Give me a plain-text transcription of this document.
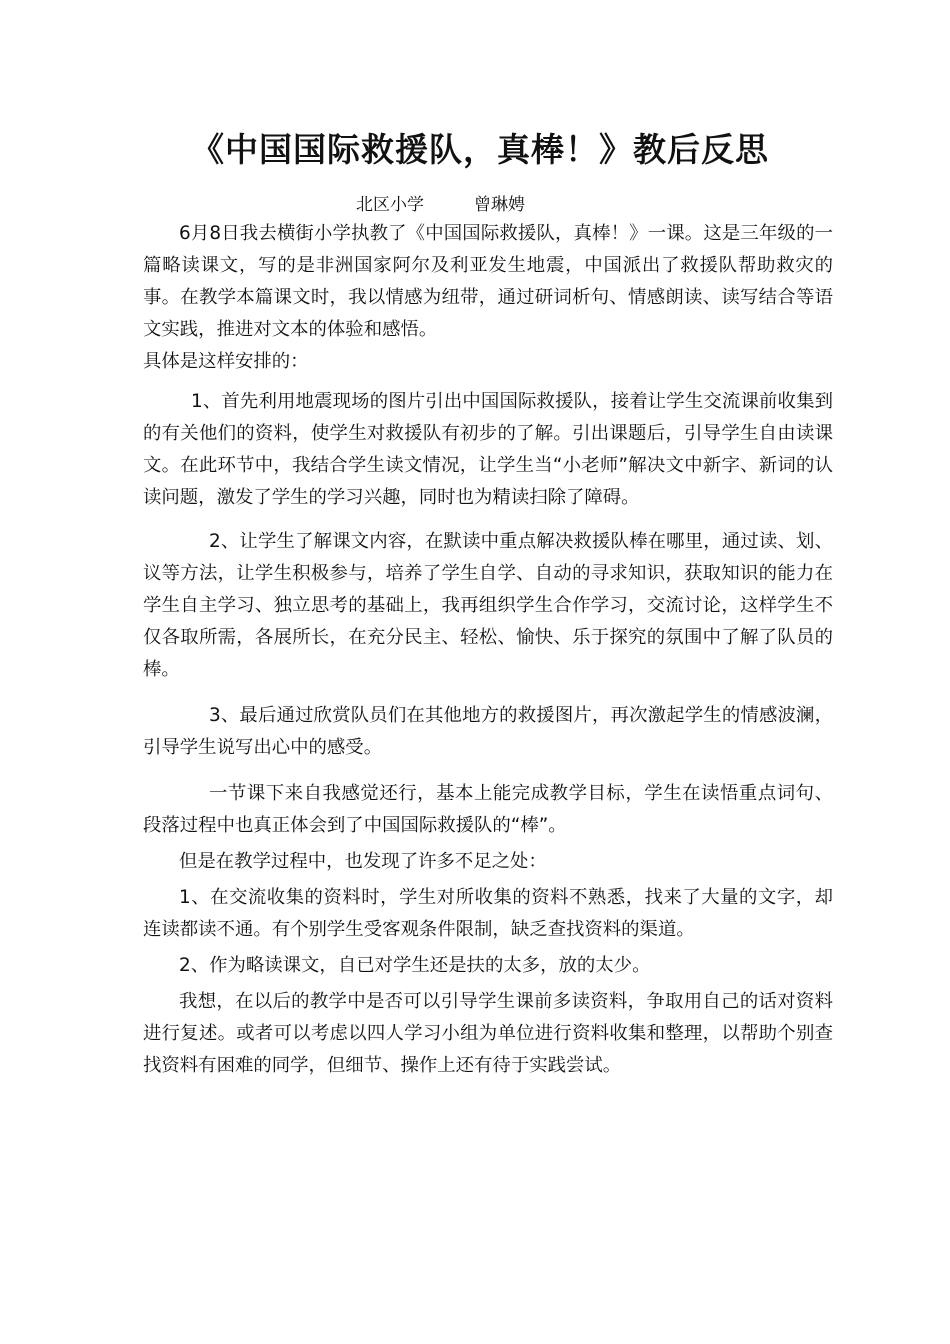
《中国国际救援队，真棒！》教后反思
北区小学	曾琳娉

6月8日我去横街小学执教了《中国国际救援队，真棒！》一课。这是三年级的一篇略读课文，写的是非洲国家阿尔及利亚发生地震，中国派出了救援队帮助救灾的事。在教学本篇课文时，我以情感为纽带，通过研词析句、情感朗读、读写结合等语文实践，推进对文本的体验和感悟。

具体是这样安排的：

1、首先利用地震现场的图片引出中国国际救援队，接着让学生交流课前收集到的有关他们的资料，使学生对救援队有初步的了解。引出课题后，引导学生自由读课文。在此环节中，我结合学生读文情况，让学生当“小老师”解决文中新字、新词的认读问题，激发了学生的学习兴趣，同时也为精读扫除了障碍。

2、让学生了解课文内容，在默读中重点解决救援队棒在哪里，通过读、划、议等方法，让学生积极参与，培养了学生自学、自动的寻求知识，获取知识的能力在学生自主学习、独立思考的基础上，我再组织学生合作学习，交流讨论，这样学生不仅各取所需，各展所长，在充分民主、轻松、愉快、乐于探究的氛围中了解了队员的棒。

3、最后通过欣赏队员们在其他地方的救援图片，再次激起学生的情感波澜，引导学生说写出心中的感受。

一节课下来自我感觉还行，基本上能完成教学目标，学生在读悟重点词句、段落过程中也真正体会到了中国国际救援队的“棒”。

但是在教学过程中，也发现了许多不足之处：

1、在交流收集的资料时，学生对所收集的资料不熟悉，找来了大量的文字，却连读都读不通。有个别学生受客观条件限制，缺乏查找资料的渠道。

2、作为略读课文，自已对学生还是扶的太多，放的太少。

我想，在以后的教学中是否可以引导学生课前多读资料，争取用自己的话对资料进行复述。或者可以考虑以四人学习小组为单位进行资料收集和整理，以帮助个别查找资料有困难的同学，但细节、操作上还有待于实践尝试。
